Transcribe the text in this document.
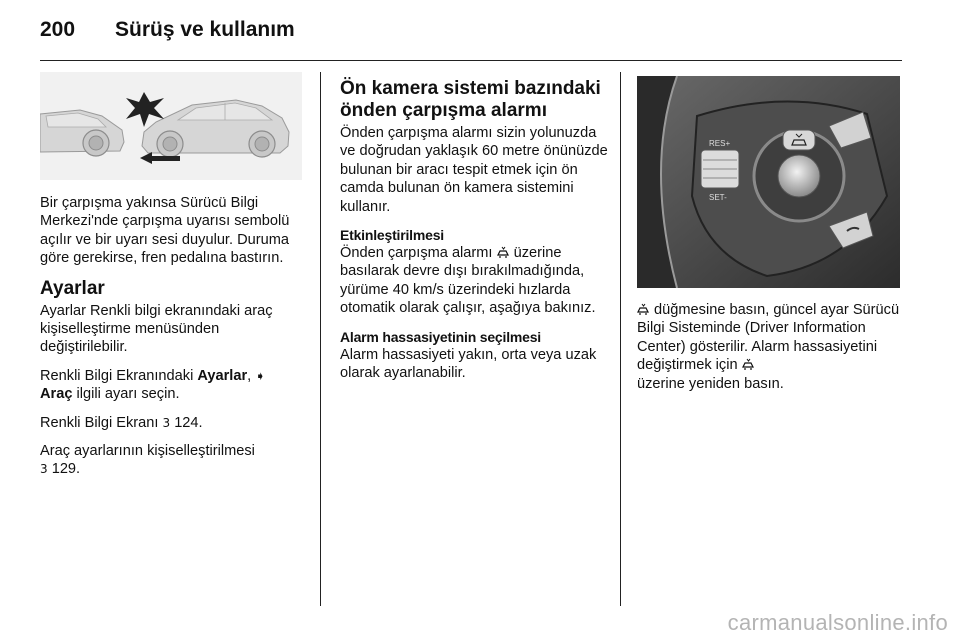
200 Sürüş ve kullanım

Bir çarpışma yakınsa Sürücü Bilgi Merkezi'nde çarpışma uyarısı sembolü açılır ve bir uyarı sesi duyulur. Duruma göre gerekirse, fren pedalına bastırın.

Ayarlar

Ayarlar Renkli bilgi ekranındaki araç kişiselleştirme menüsünden değiştirilebilir.

Renkli Bilgi Ekranındaki Ayarlar, ➧
Araç ilgili ayarı seçin.

Renkli Bilgi Ekranı 3 124.

Araç ayarlarının kişiselleştirilmesi
3 129.

Ön kamera sistemi bazındaki önden çarpışma alarmı

Önden çarpışma alarmı sizin yolunuzda ve doğrudan yaklaşık 60 metre önünüzde bulunan bir aracı tespit etmek için ön camda bulunan ön kamera sistemini kullanır.

Etkinleştirilmesi

Önden çarpışma alarmı  üzerine basılarak devre dışı bırakılmadığında, yürüme 40 km/s üzerindeki hızlarda otomatik olarak çalışır, aşağıya bakınız.

Alarm hassasiyetinin seçilmesi

Alarm hassasiyeti yakın, orta veya uzak olarak ayarlanabilir.

RES+
SET-

düğmesine basın, güncel ayar Sürücü Bilgi Sisteminde (Driver Information Center) gösterilir. Alarm hassasiyetini değiştirmek için
üzerine yeniden basın.

carmanualsonline.info
